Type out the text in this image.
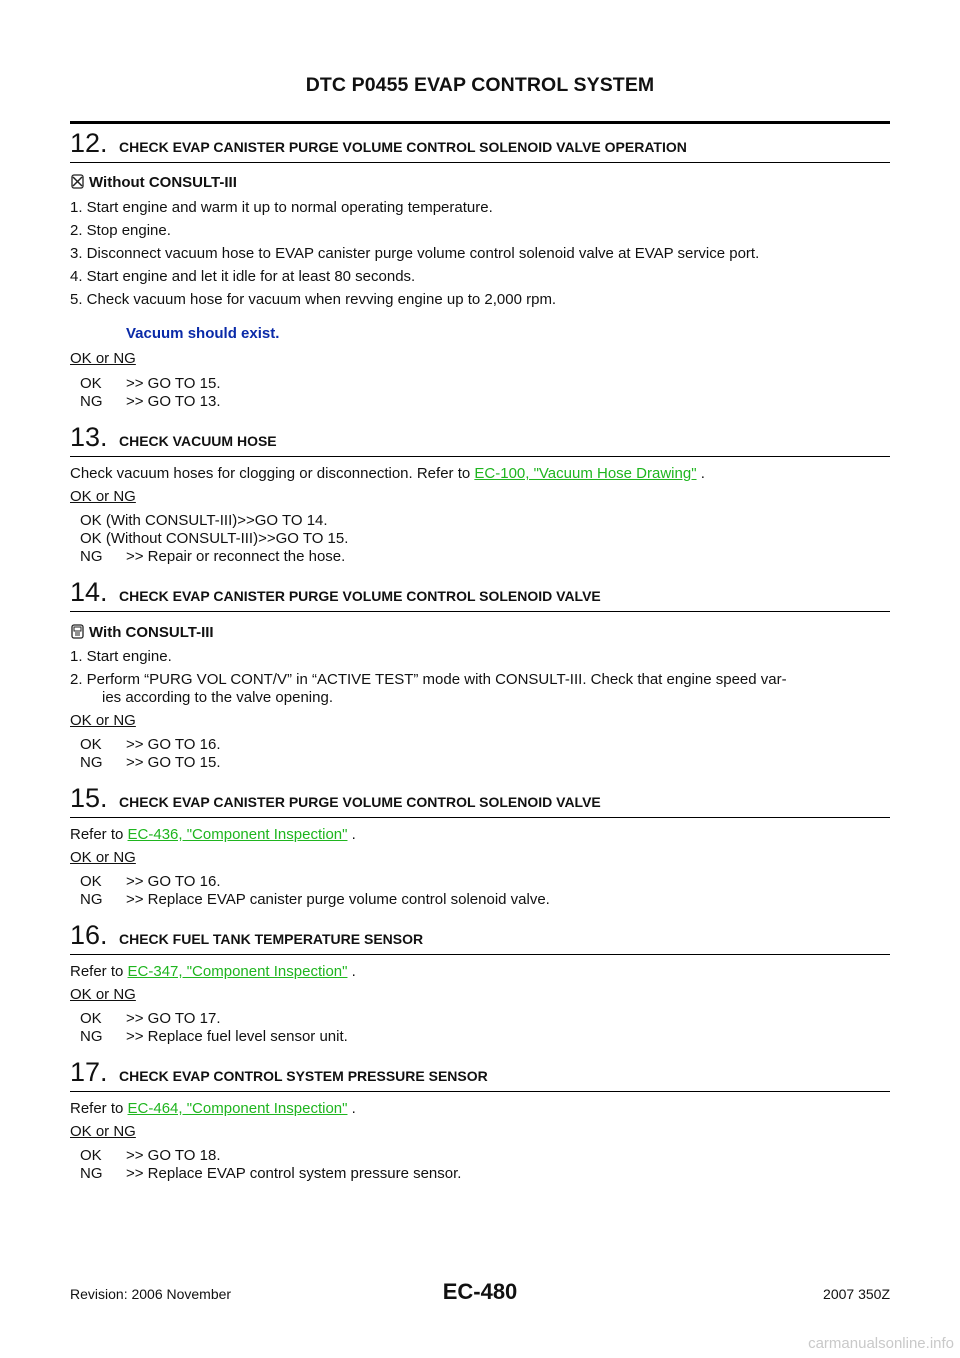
DTC P0455 EVAP CONTROL SYSTEM
12. CHECK EVAP CANISTER PURGE VOLUME CONTROL SOLENOID VALVE OPERATION
Without CONSULT-III
1. Start engine and warm it up to normal operating temperature.
2. Stop engine.
3. Disconnect vacuum hose to EVAP canister purge volume control solenoid valve at EVAP service port.
4. Start engine and let it idle for at least 80 seconds.
5. Check vacuum hose for vacuum when revving engine up to 2,000 rpm.
Vacuum should exist.
OK or NG
OK >> GO TO 15.
NG >> GO TO 13.
13. CHECK VACUUM HOSE
Check vacuum hoses for clogging or disconnection. Refer to EC-100, "Vacuum Hose Drawing" .
OK or NG
OK (With CONSULT-III)>>GO TO 14.
OK (Without CONSULT-III)>>GO TO 15.
NG >> Repair or reconnect the hose.
14. CHECK EVAP CANISTER PURGE VOLUME CONTROL SOLENOID VALVE
With CONSULT-III
1. Start engine.
2. Perform “PURG VOL CONT/V” in “ACTIVE TEST” mode with CONSULT-III. Check that engine speed var-
ies according to the valve opening.
OK or NG
OK >> GO TO 16.
NG >> GO TO 15.
15. CHECK EVAP CANISTER PURGE VOLUME CONTROL SOLENOID VALVE
Refer to EC-436, "Component Inspection" .
OK or NG
OK >> GO TO 16.
NG >> Replace EVAP canister purge volume control solenoid valve.
16. CHECK FUEL TANK TEMPERATURE SENSOR
Refer to EC-347, "Component Inspection" .
OK or NG
OK >> GO TO 17.
NG >> Replace fuel level sensor unit.
17. CHECK EVAP CONTROL SYSTEM PRESSURE SENSOR
Refer to EC-464, "Component Inspection" .
OK or NG
OK >> GO TO 18.
NG >> Replace EVAP control system pressure sensor.
Revision: 2006 November	EC-480	2007 350Z
carmanualsonline.info
